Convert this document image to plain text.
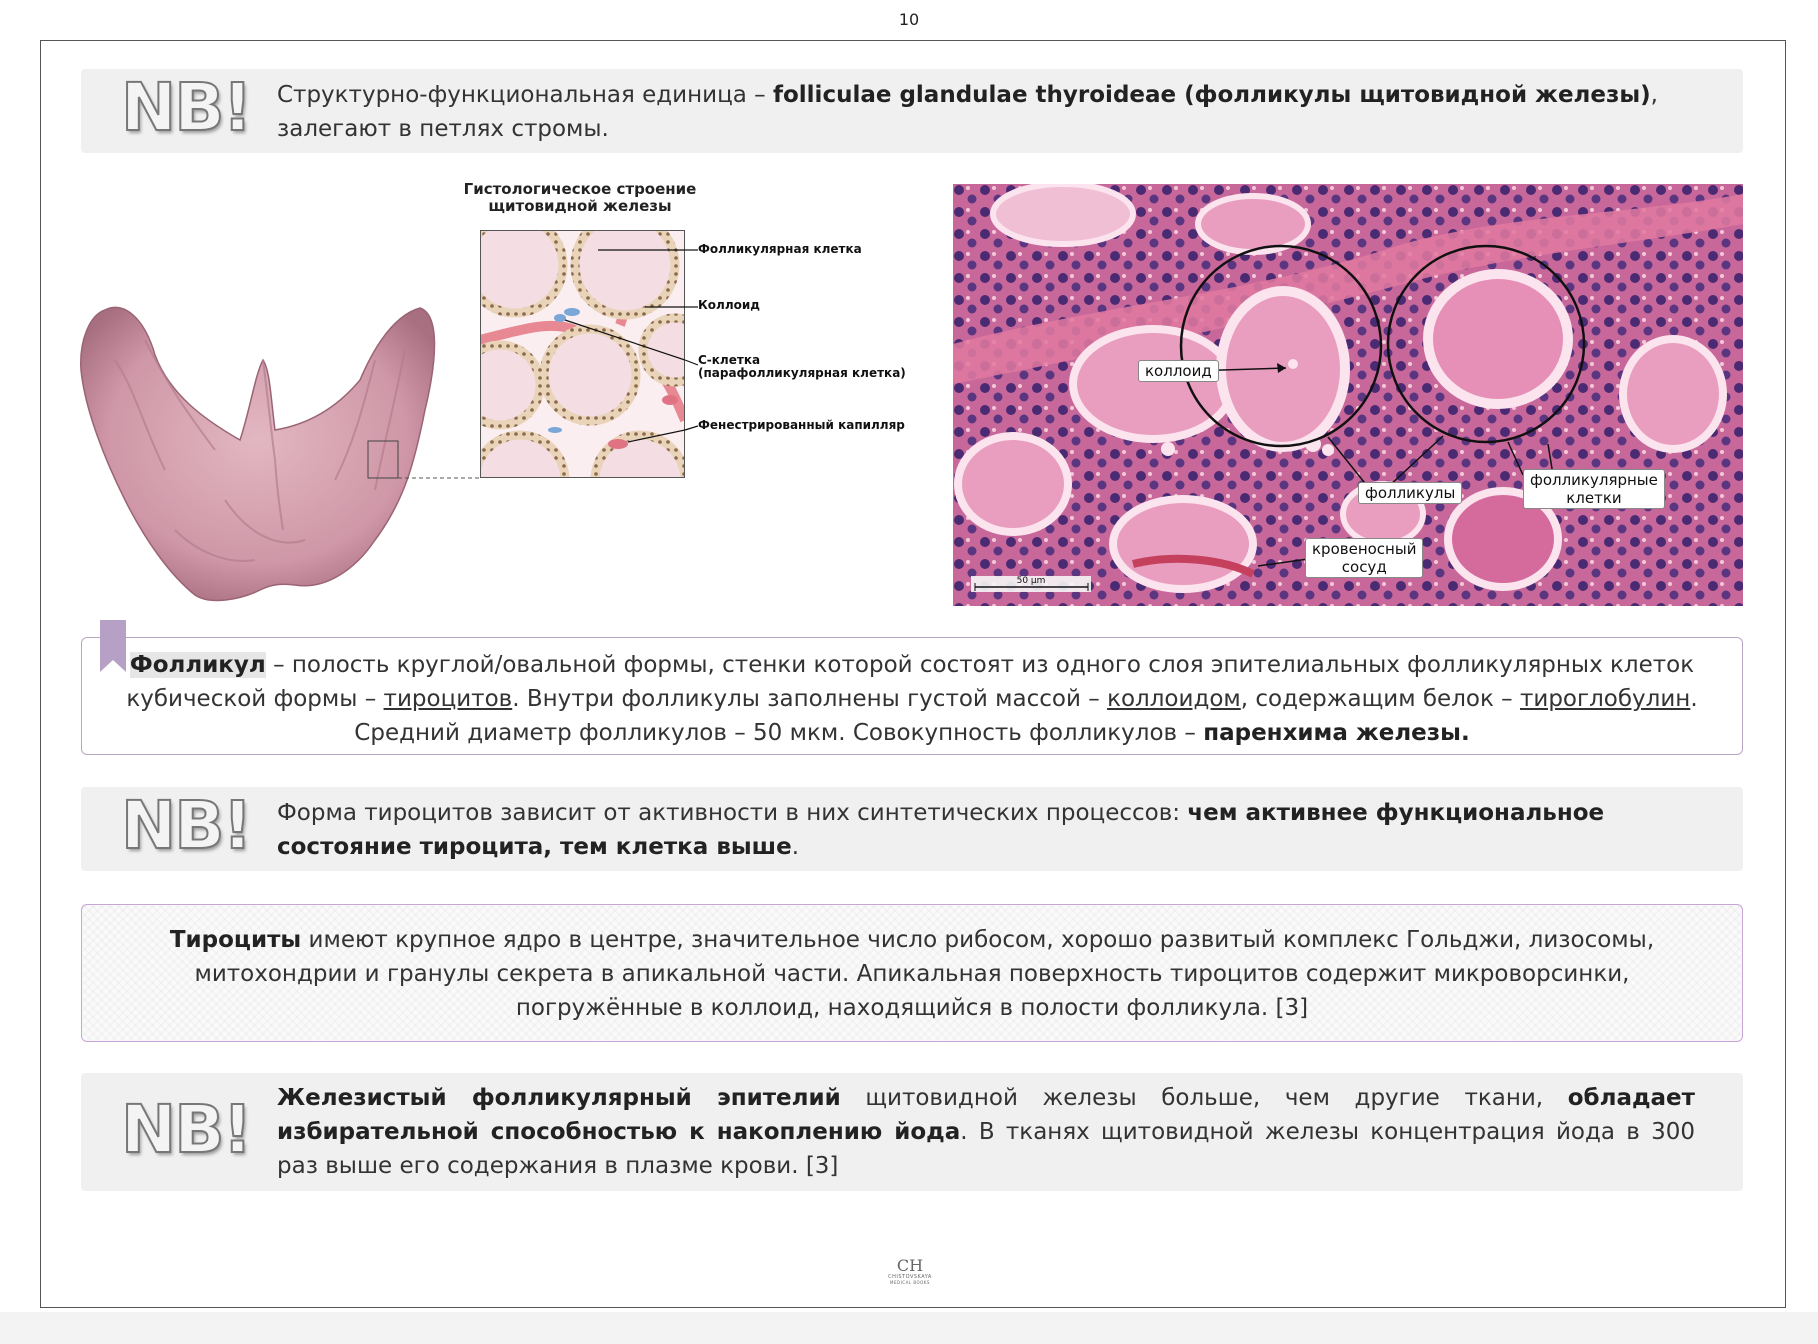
10
NB! Структурно-функциональная единица – folliculae glandulae thyroideae (фолликулы щитовидной железы), залегают в петлях стромы.
Гистологическое строение
щитовидной железы
Фолликулярная клетка
Коллоид
С-клетка
(парафолликулярная клетка)
Фенестрированный капилляр
50 μm
коллоид
фолликулы
фолликулярные
клетки
кровеносный
сосуд
Фолликул – полость круглой/овальной формы, стенки которой состоят из одного слоя эпителиальных фолликулярных клеток кубической формы – тироцитов. Внутри фолликулы заполнены густой массой – коллоидом, содержащим белок – тироглобулин. Средний диаметр фолликулов – 50 мкм. Совокупность фолликулов – паренхима железы.
NB! Форма тироцитов зависит от активности в них синтетических процессов: чем активнее функциональное состояние тироцита, тем клетка выше.
Тироциты имеют крупное ядро в центре, значительное число рибосом, хорошо развитый комплекс Гольджи, лизосомы, митохондрии и гранулы секрета в апикальной части. Апикальная поверхность тироцитов содержит микроворсинки, погружённые в коллоид, находящийся в полости фолликула. [3]
NB! Железистый фолликулярный эпителий щитовидной железы больше, чем другие ткани, обладает избирательной способностью к накоплению йода. В тканях щитовидной железы концентрация йода в 300 раз выше его содержания в плазме крови. [3]
CH
CHISTOVSKAYA
MEDICAL BOOKS
